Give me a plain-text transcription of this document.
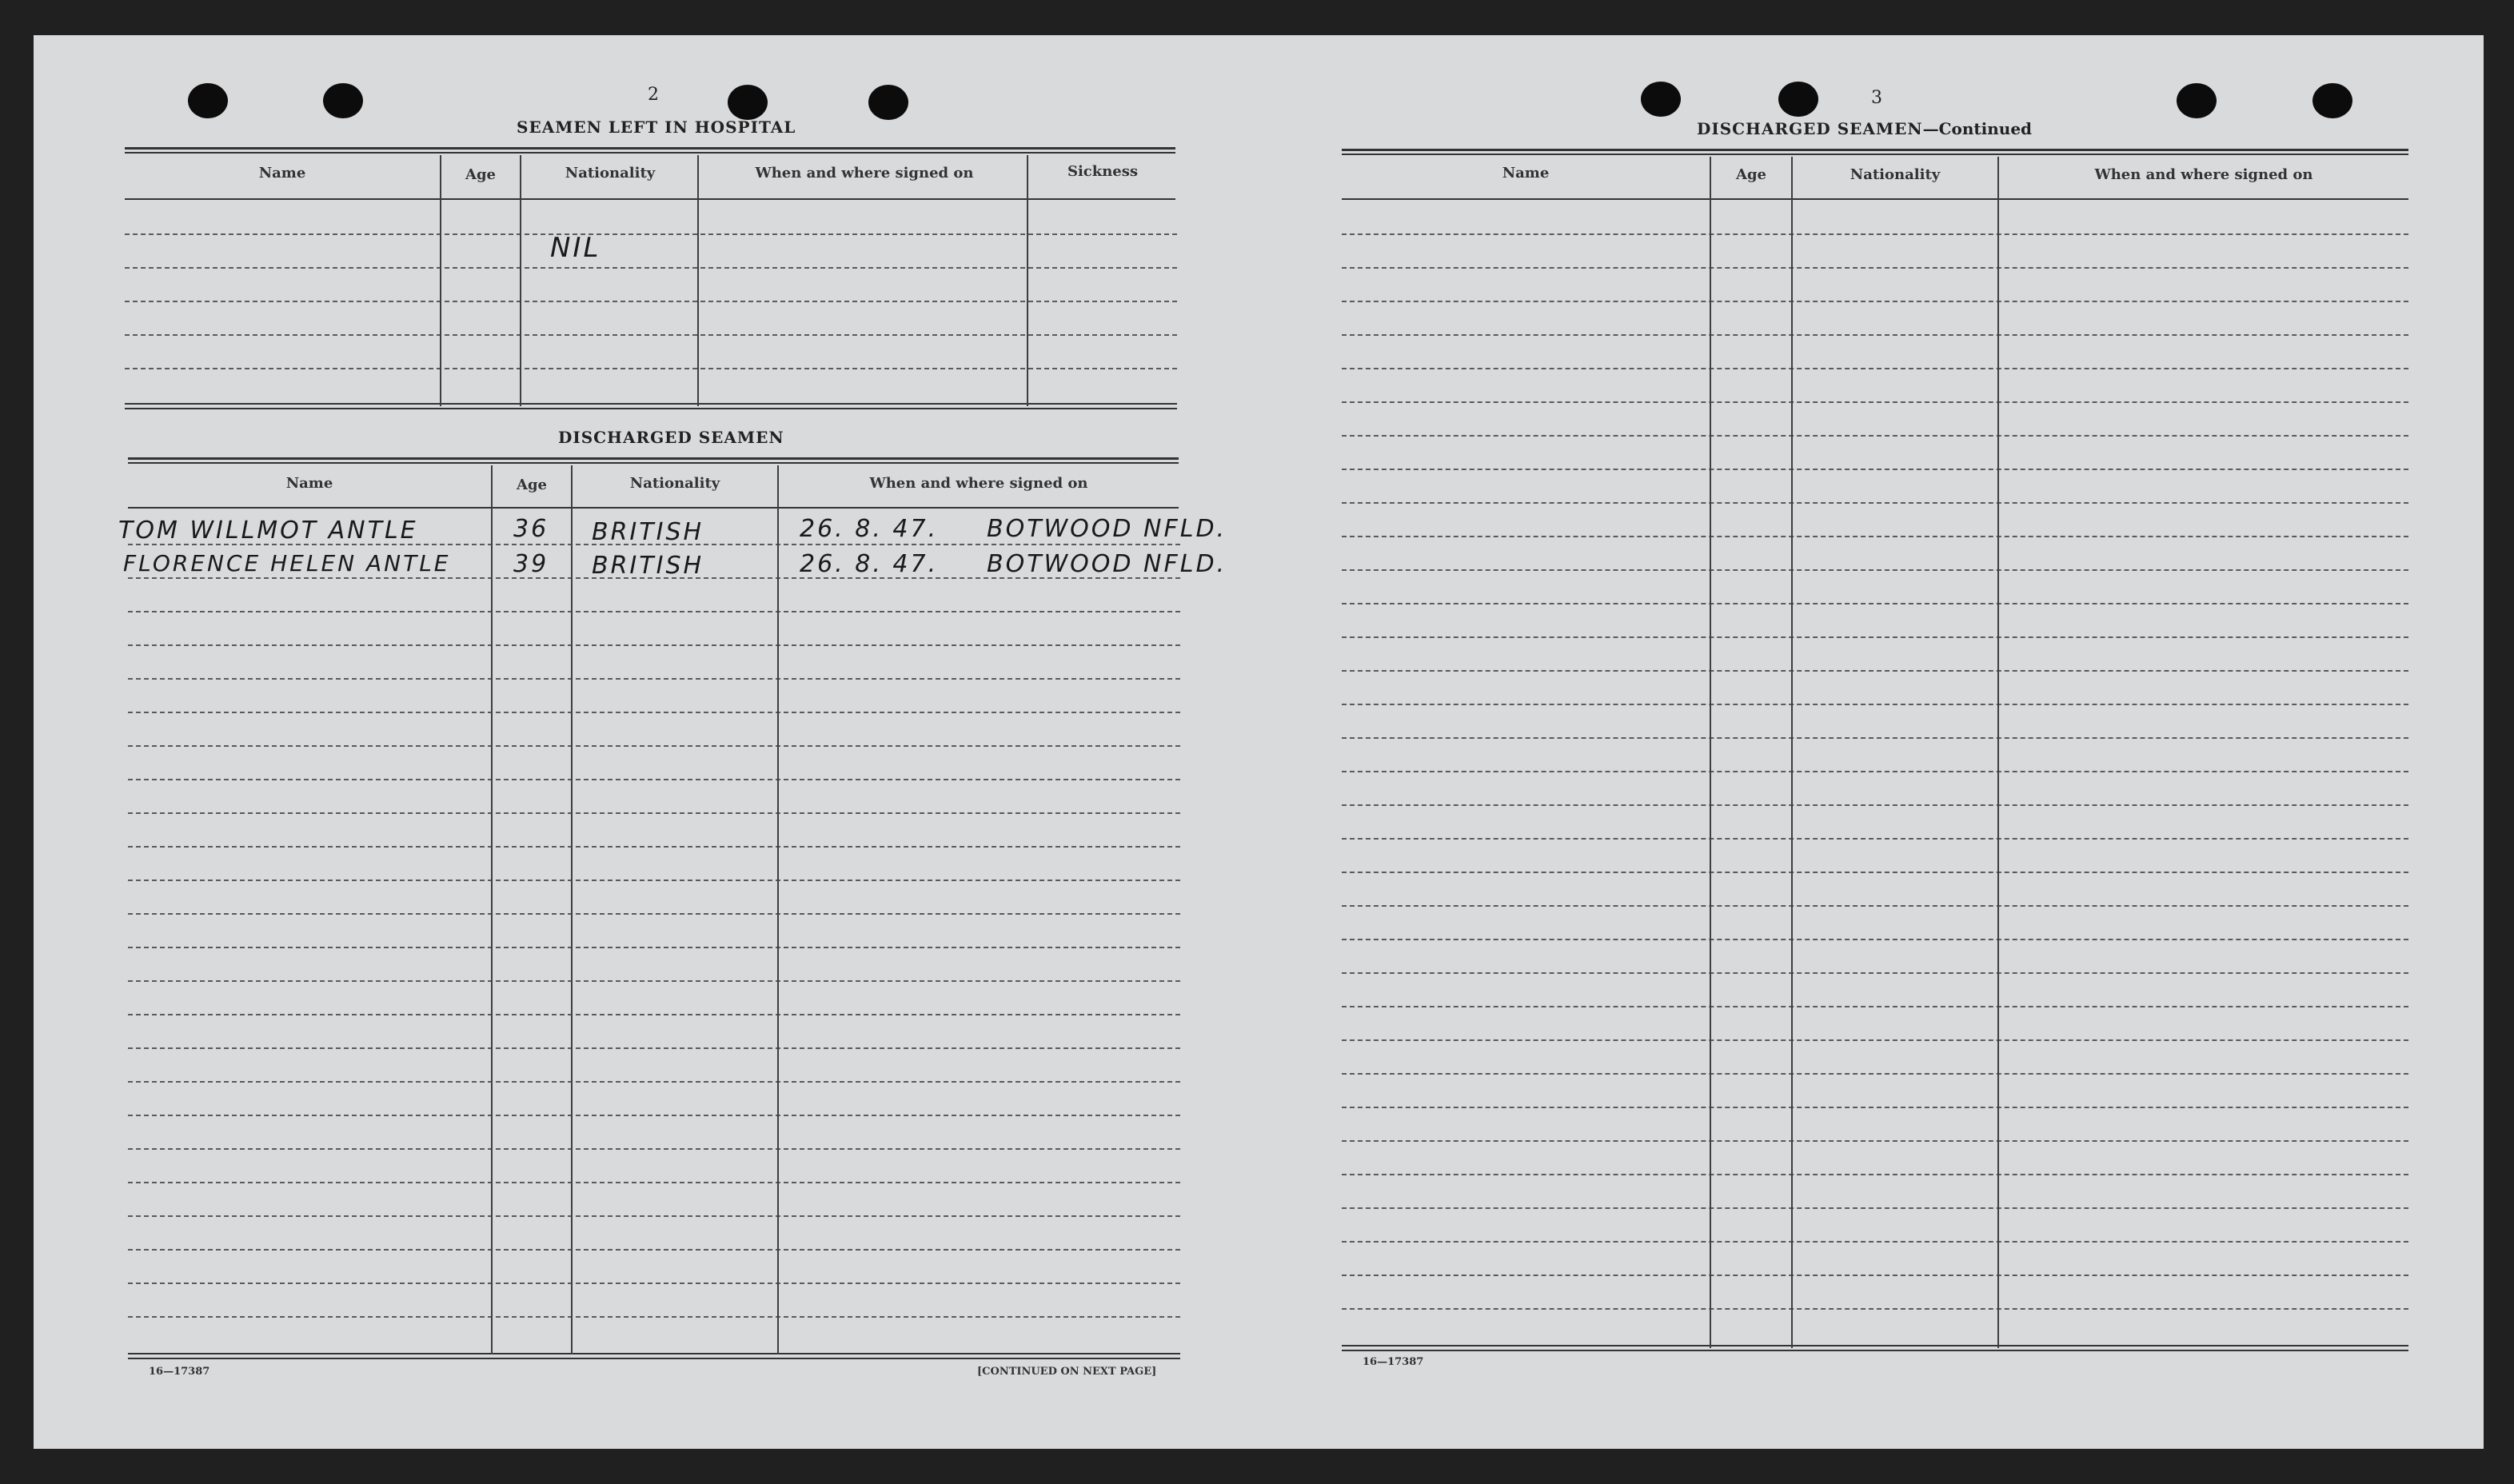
2
SEAMEN LEFT IN HOSPITAL
Name	Age	Nationality	When and where signed on	Sickness
NIL
DISCHARGED SEAMEN
Name	Age	Nationality	When and where signed on
TOM WILLMOT ANTLE	36 BRITISH	26. 8. 47. BOTWOOD NFLD.
FLORENCE HELEN ANTLE	39 BRITISH	26. 8. 47. BOTWOOD NFLD.
16—17387	[CONTINUED ON NEXT PAGE]
3
DISCHARGED SEAMEN—Continued
Name	Age	Nationality	When and where signed on
16—17387
